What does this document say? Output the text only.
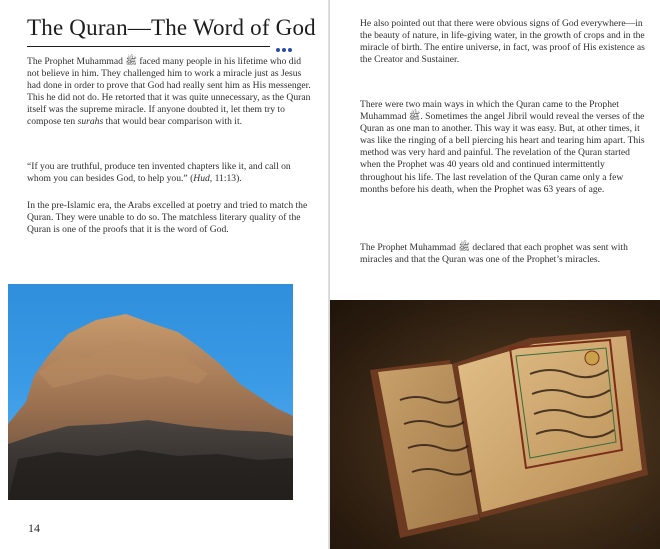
The Quran—The Word of God

The Prophet Muhammad ﷺ faced many people in his lifetime who did not believe in him. They challenged him to work a miracle just as Jesus had done in order to prove that God had really sent him as His messenger. This he did not do. He retorted that it was quite unnecessary, as the Quran itself was the supreme miracle. If anyone doubted it, let them try to compose ten surahs that would bear comparison with it.

“If you are truthful, produce ten invented chapters like it, and call on whom you can besides God, to help you.” (Hud, 11:13).

In the pre-Islamic era, the Arabs excelled at poetry and tried to match the Quran. They were unable to do so. The matchless literary quality of the Quran is one of the proofs that it is the word of God.

14

He also pointed out that there were obvious signs of God everywhere—in the beauty of nature, in life-giving water, in the growth of crops and in the miracle of birth. The entire universe, in fact, was proof of His existence as the Creator and Sustainer.

There were two main ways in which the Quran came to the Prophet Muhammad ﷺ. Sometimes the angel Jibril would reveal the verses of the Quran as one man to another. This way it was easy. But, at other times, it was like the ringing of a bell piercing his heart and tearing him apart. This method was very hard and painful. The revelation of the Quran started when the Prophet was 40 years old and continued intermittently throughout his life. The last revelation of the Quran came only a few months before his death, when the Prophet was 63 years of age.

The Prophet Muhammad ﷺ declared that each prophet was sent with miracles and that the Quran was one of the Prophet’s miracles.

15
